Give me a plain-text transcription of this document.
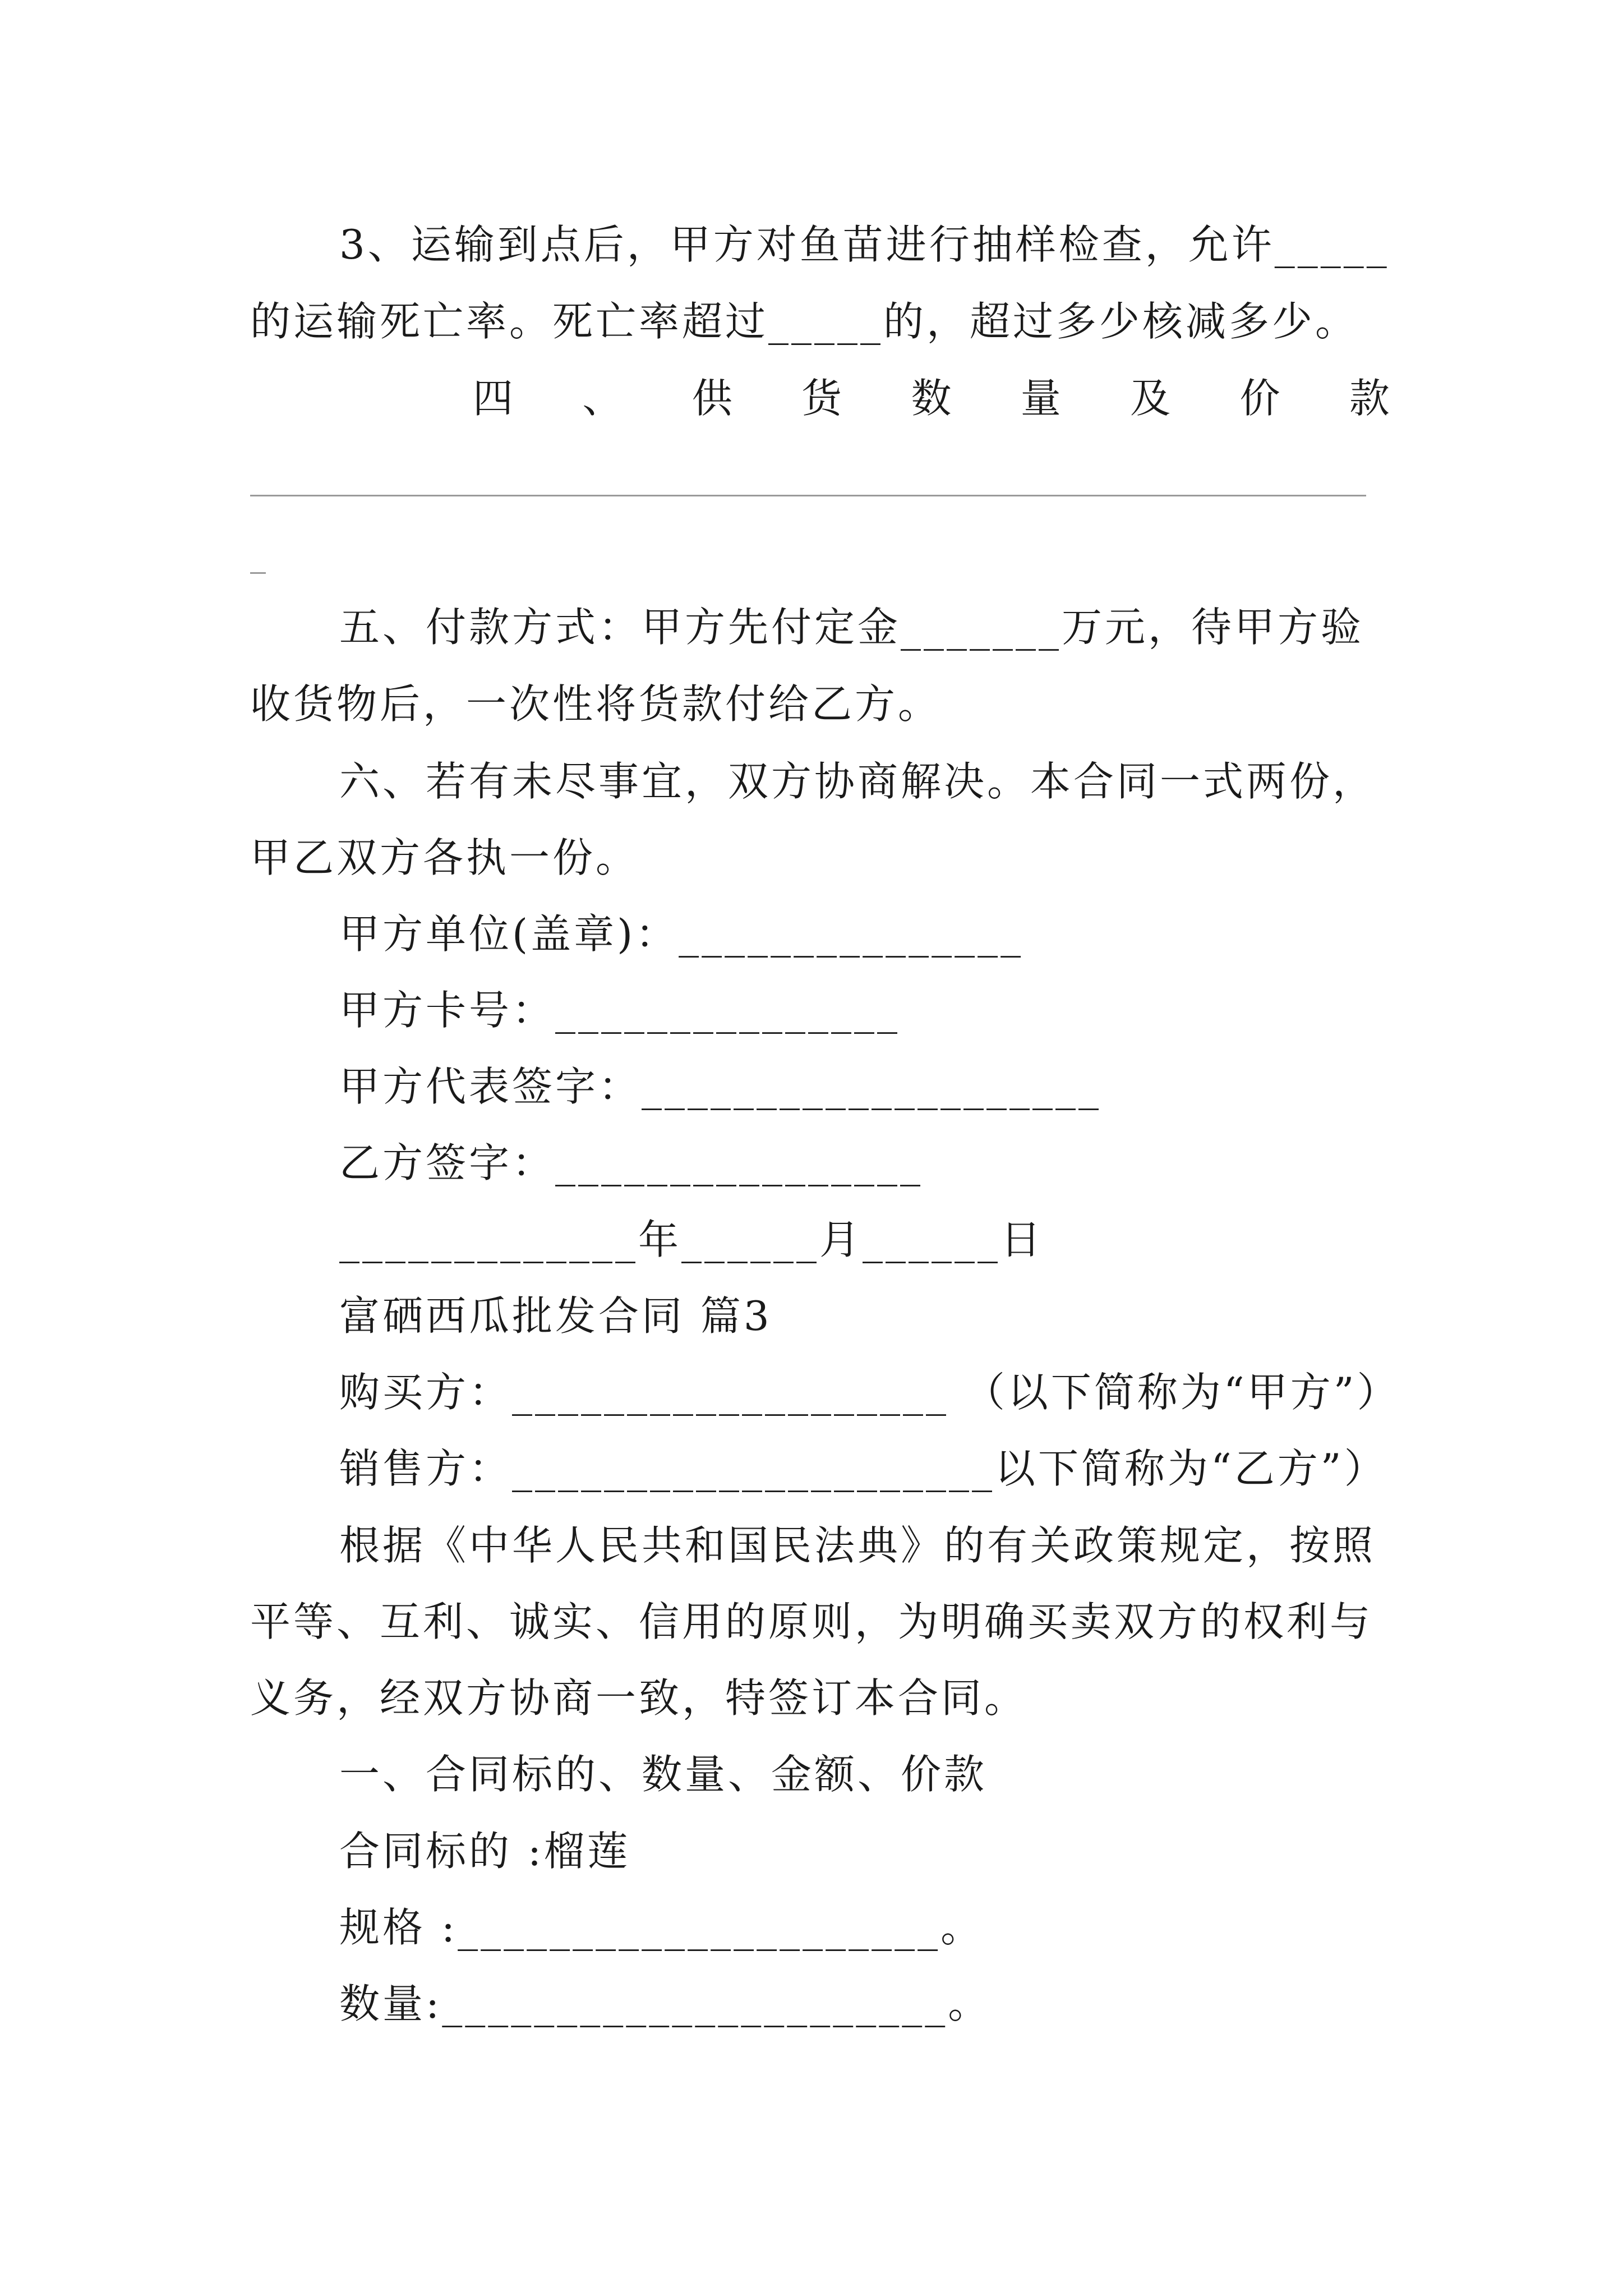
3、运输到点后，甲方对鱼苗进行抽样检查，允许_____
的运输死亡率。死亡率超过_____的，超过多少核减多少。
四 、 供 货 数 量 及 价 款
五、付款方式：甲方先付定金_______万元，待甲方验
收货物后，一次性将货款付给乙方。
六、若有未尽事宜，双方协商解决。本合同一式两份，
甲乙双方各执一份。
甲方单位(盖章)：_______________
甲方卡号：_______________
甲方代表签字：____________________
乙方签字：________________
_____________年______月______日
富硒西瓜批发合同 篇3
购买方：___________________ （以下简称为“甲方”）
销售方：_____________________以下简称为“乙方”）
根据《中华人民共和国民法典》的有关政策规定，按照
平等、互利、诚实、信用的原则，为明确买卖双方的权利与
义务，经双方协商一致，特签订本合同。
一、合同标的、数量、金额、价款
合同标的 :榴莲
规格 :_____________________。
数量:______________________。
